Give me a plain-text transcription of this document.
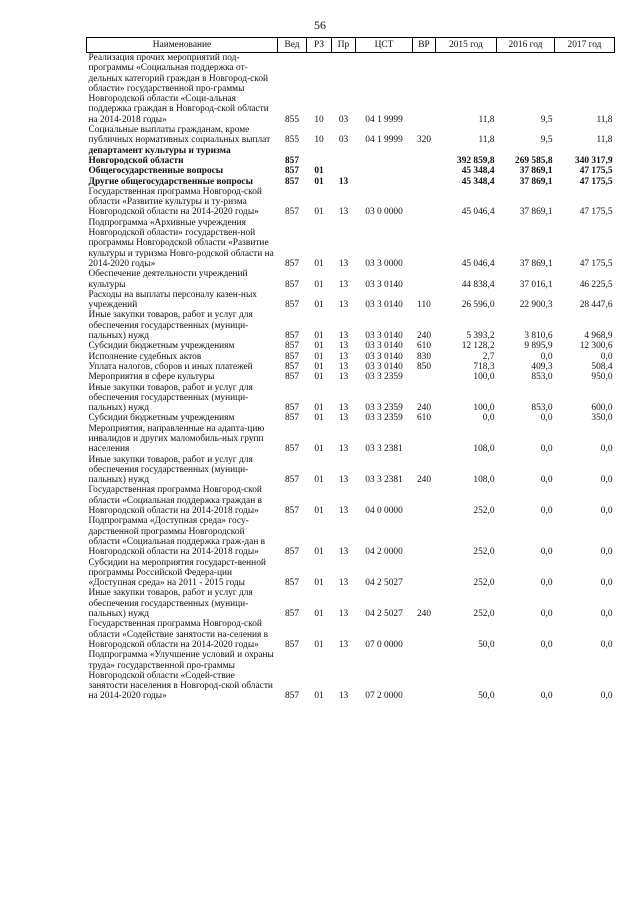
56
Наименование	Вед	РЗ	Пр	ЦСТ	ВР	2015 год	2016 год	2017 год
Реализация прочих мероприятий под-программы «Социальная поддержка от-дельных категорий граждан в Новгород-ской области» государственной про-граммы Новгородской области «Соци-альная поддержка граждан в Новгород-ской области на 2014-2018 годы»	855	10	03	04 1 9999		11,8	9,5	11,8
Социальные выплаты гражданам, кроме публичных нормативных социальных выплат	855	10	03	04 1 9999	320	11,8	9,5	11,8
департамент культуры и туризма Новгородской области	857					392 859,8	269 585,8	340 317,9
Общегосударственные вопросы	857	01				45 348,4	37 869,1	47 175,5
Другие общегосударственные вопросы	857	01	13			45 348,4	37 869,1	47 175,5
Государственная программа Новгород-ской области «Развитие культуры и ту-ризма Новгородской области на 2014-2020 годы»	857	01	13	03 0 0000		45 046,4	37 869,1	47 175,5
Подпрограмма «Архивные учреждения Новгородской области» государствен-ной программы Новгородской области «Развитие культуры и туризма Новго-родской области на 2014-2020 годы»	857	01	13	03 3 0000		45 046,4	37 869,1	47 175,5
Обеспечение деятельности учреждений культуры	857	01	13	03 3 0140		44 838,4	37 016,1	46 225,5
Расходы на выплаты персоналу казен-ных учреждений	857	01	13	03 3 0140	110	26 596,0	22 900,3	28 447,6
Иные закупки товаров, работ и услуг для обеспечения государственных (муници-пальных) нужд	857	01	13	03 3 0140	240	5 393,2	3 810,6	4 968,9
Субсидии бюджетным учреждениям	857	01	13	03 3 0140	610	12 128,2	9 895,9	12 300,6
Исполнение судебных актов	857	01	13	03 3 0140	830	2,7	0,0	0,0
Уплата налогов, сборов и иных платежей	857	01	13	03 3 0140	850	718,3	409,3	508,4
Мероприятия в сфере культуры	857	01	13	03 3 2359		100,0	853,0	950,0
Иные закупки товаров, работ и услуг для обеспечения государственных (муници-пальных) нужд	857	01	13	03 3 2359	240	100,0	853,0	600,0
Субсидии бюджетным учреждениям	857	01	13	03 3 2359	610	0,0	0,0	350,0
Мероприятия, направленные на адапта-цию инвалидов и других маломобиль-ных групп населения	857	01	13	03 3 2381		108,0	0,0	0,0
Иные закупки товаров, работ и услуг для обеспечения государственных (муници-пальных) нужд	857	01	13	03 3 2381	240	108,0	0,0	0,0
Государственная программа Новгород-ской области «Социальная поддержка граждан в Новгородской области на 2014-2018 годы»	857	01	13	04 0 0000		252,0	0,0	0,0
Подпрограмма «Доступная среда» госу-дарственной программы Новгородской области «Социальная поддержка граж-дан в Новгородской области на 2014-2018 годы»	857	01	13	04 2 0000		252,0	0,0	0,0
Субсидии на мероприятия государст-венной программы Российской Федера-ции «Доступная среда» на 2011 - 2015 годы	857	01	13	04 2 5027		252,0	0,0	0,0
Иные закупки товаров, работ и услуг для обеспечения государственных (муници-пальных) нужд	857	01	13	04 2 5027	240	252,0	0,0	0,0
Государственная программа Новгород-ской области «Содействие занятости на-селения в Новгородской области на 2014-2020 годы»	857	01	13	07 0 0000		50,0	0,0	0,0
Подпрограмма «Улучшение условий и охраны труда» государственной про-граммы Новгородской области «Содей-ствие занятости населения в Новгород-ской области на 2014-2020 годы»	857	01	13	07 2 0000		50,0	0,0	0,0
